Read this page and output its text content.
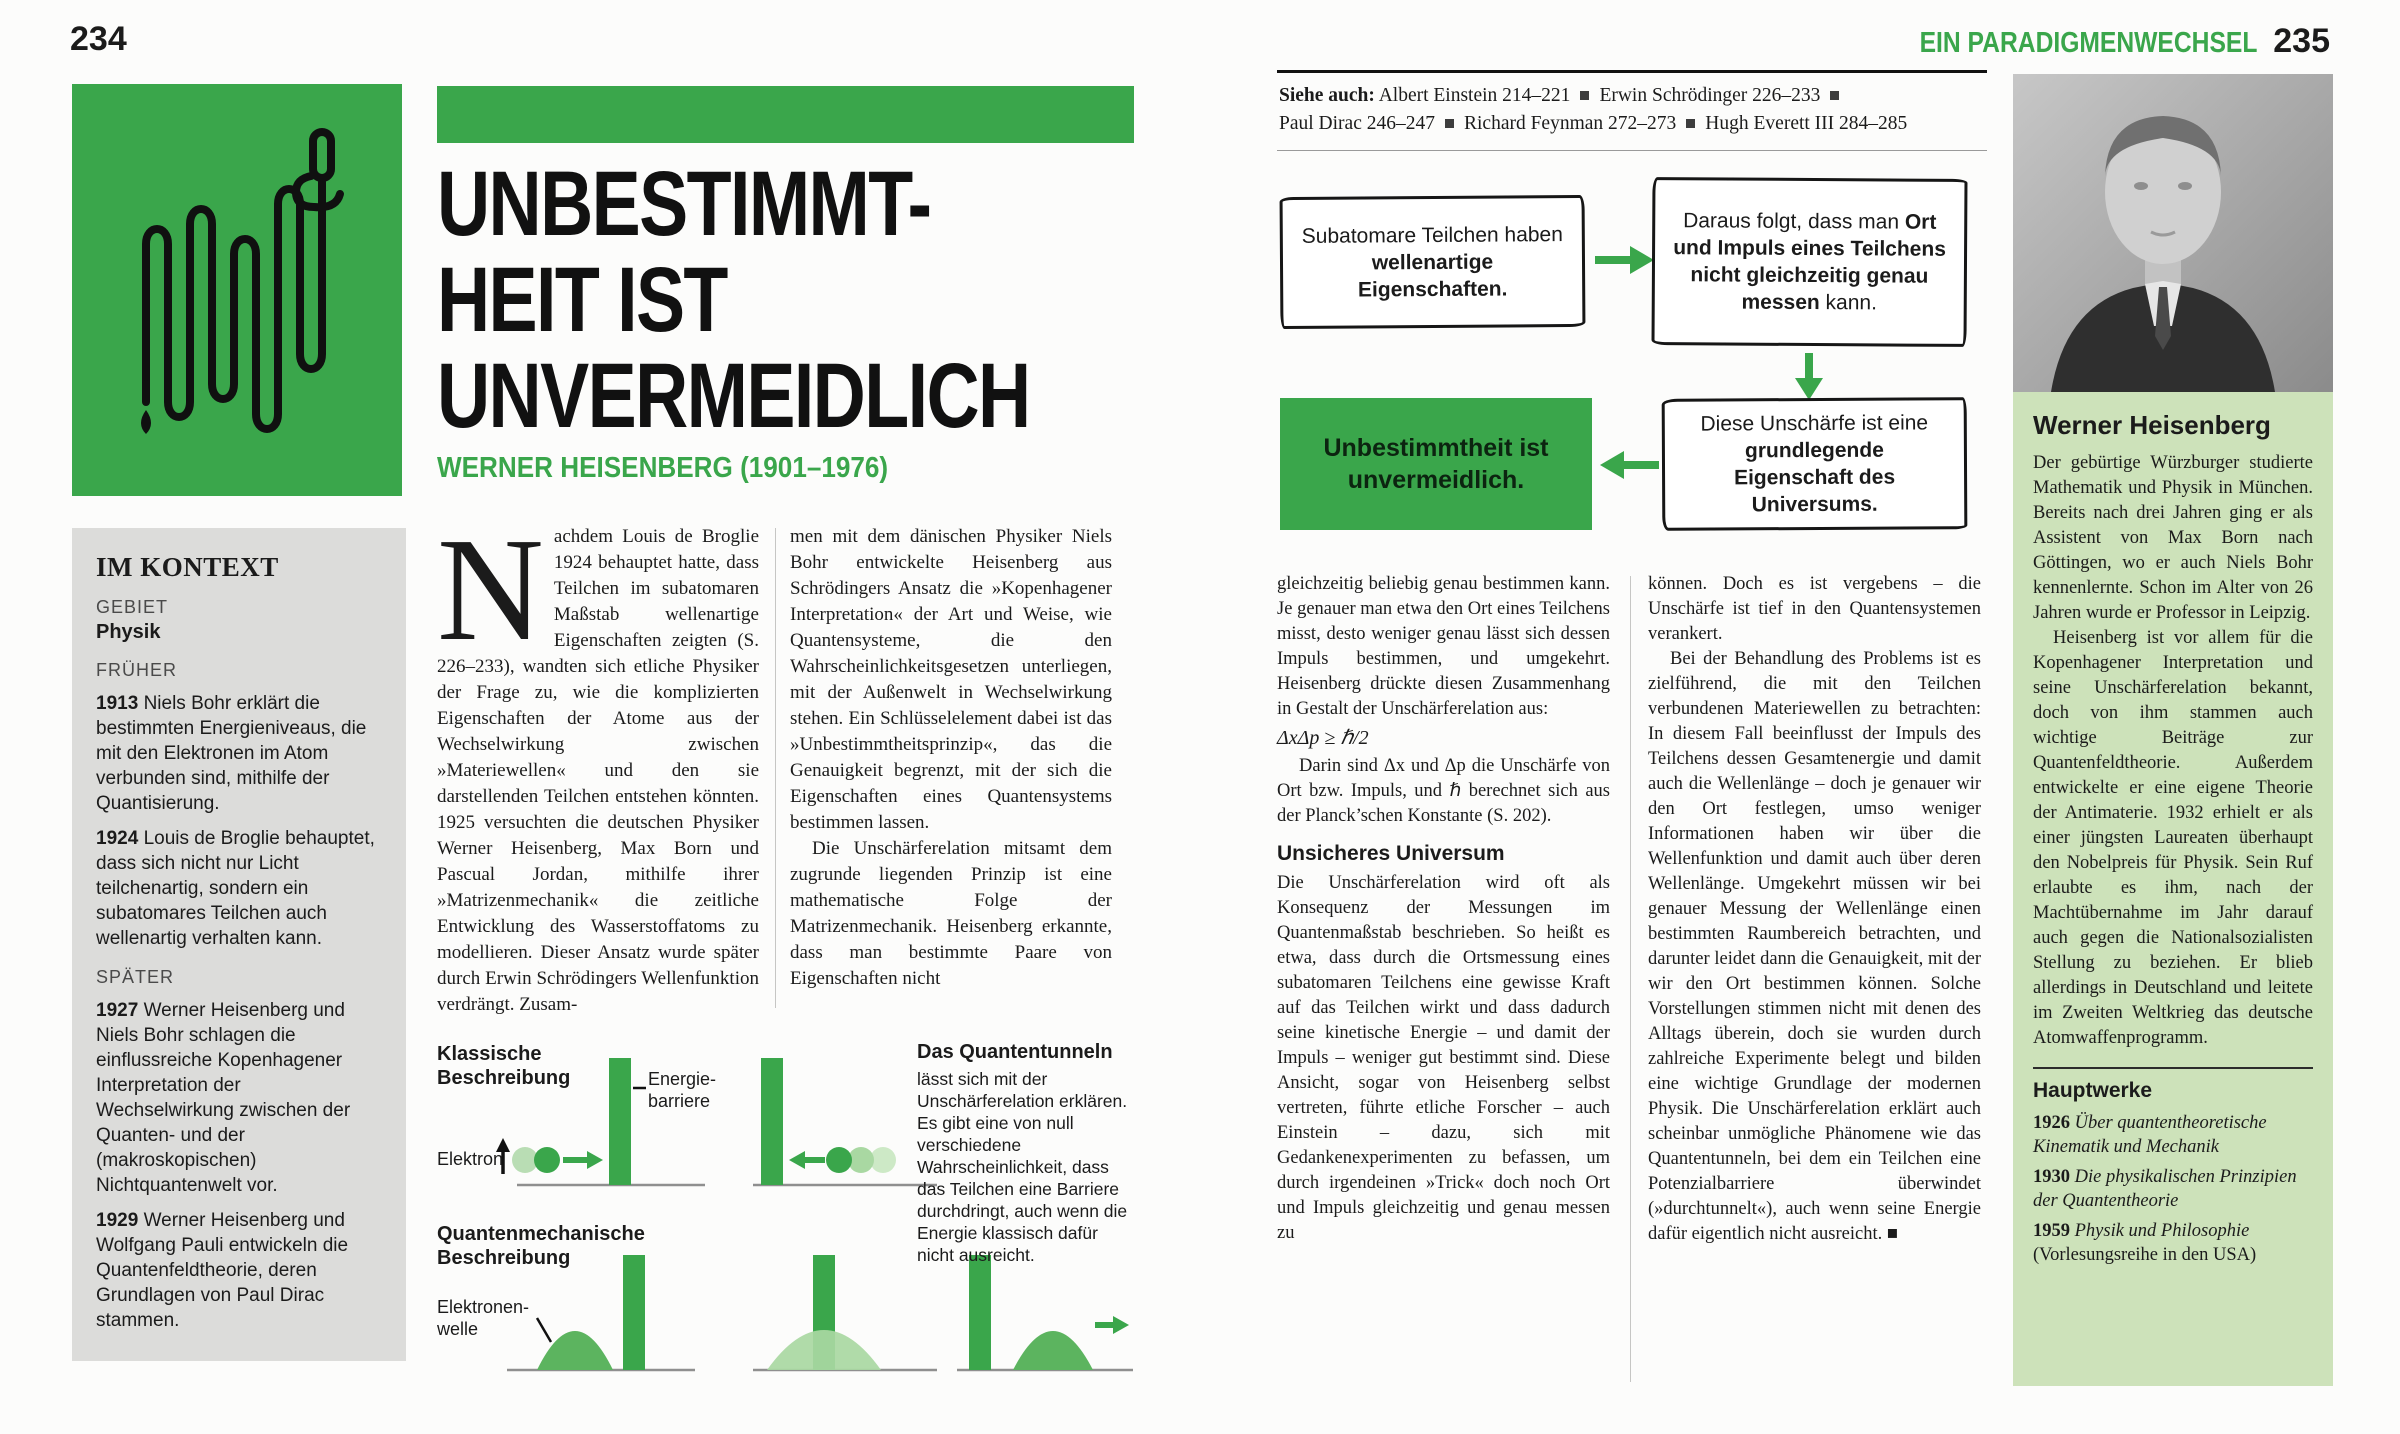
234
UNBESTIMMT-
HEIT IST
UNVERMEIDLICH
WERNER HEISENBERG (1901–1976)
IM KONTEXT
GEBIET
Physik
FRÜHER

1913 Niels Bohr erklärt die bestimmten Energieniveaus, die mit den Elektronen im Atom verbunden sind, mithilfe der Quantisierung.

1924 Louis de Broglie behauptet, dass sich nicht nur Licht teilchenartig, sondern ein subatomares Teilchen auch wellenartig verhalten kann.

SPÄTER

1927 Werner Heisenberg und Niels Bohr schlagen die einflussreiche Kopenhagener Interpretation der Wechselwirkung zwischen der Quanten- und der (makroskopischen) Nichtquantenwelt vor.

1929 Werner Heisenberg und Wolfgang Pauli entwickeln die Quantenfeldtheorie, deren Grundlagen von Paul Dirac stammen.

Nachdem Louis de Broglie 1924 behauptet hatte, dass Teilchen im subatomaren Maßstab wellenartige Eigenschaften zeigten (S. 226–233), wandten sich etliche Physiker der Frage zu, wie die komplizierten Eigenschaften der Atome aus der Wechselwirkung zwischen »Materiewellen« und den sie darstellenden Teilchen entstehen könnten. 1925 versuchten die deutschen Physiker Werner Heisenberg, Max Born und Pascual Jordan, mithilfe ihrer »Matrizenmechanik« die zeitliche Entwicklung des Wasserstoffatoms zu modellieren. Dieser Ansatz wurde später durch Erwin Schrödingers Wellenfunktion verdrängt. Zusam-

men mit dem dänischen Physiker Niels Bohr entwickelte Heisenberg aus Schrödingers Ansatz die »Kopenhagener Interpretation« der Art und Weise, wie Quantensysteme, die den Wahrscheinlichkeitsgesetzen unterliegen, mit der Außenwelt in Wechselwirkung stehen. Ein Schlüsselelement dabei ist das »Unbestimmtheitsprinzip«, das die Genauigkeit begrenzt, mit der sich die Eigenschaften eines Quantensystems bestimmen lassen.

Die Unschärferelation mitsamt dem zugrunde liegenden Prinzip ist eine mathematische Folge der Matrizenmechanik. Heisenberg erkannte, dass man bestimmte Paare von Eigenschaften nicht

Klassische Beschreibung	Energie-barriere
Elektron
Quantenmechanische Beschreibung
Elektronen-welle
Das Quantentunneln
lässt sich mit der Unschärferelation erklären. Es gibt eine von null verschiedene Wahrscheinlichkeit, dass das Teilchen eine Barriere durchdringt, auch wenn die Energie klassisch dafür nicht ausreicht.
EIN PARADIGMENWECHSEL 235
Siehe auch: Albert Einstein 214–221 Erwin Schrödinger 226–233Paul Dirac 246–247 Richard Feynman 272–273 Hugh Everett III 284–285

Subatomare Teilchen haben wellenartige Eigenschaften.

Daraus folgt, dass man Ort und Impuls eines Teilchens nicht gleichzeitig genau messen kann.

Diese Unschärfe ist eine grundlegende Eigenschaft des Universums.

Unbestimmtheit ist unvermeidlich.

gleichzeitig beliebig genau bestimmen kann. Je genauer man etwa den Ort eines Teilchens misst, desto weniger genau lässt sich dessen Impuls bestimmen, und umgekehrt. Heisenberg drückte diesen Zusammenhang in Gestalt der Unschärferelation aus:

ΔxΔp ≥ ℏ/2

Darin sind Δx und Δp die Unschärfe von Ort bzw. Impuls, und ℏ berechnet sich aus der Planck’schen Konstante (S. 202).

Unsicheres Universum

Die Unschärferelation wird oft als Konsequenz der Messungen im Quantenmaßstab beschrieben. So heißt es etwa, dass durch die Ortsmessung eines subatomaren Teilchens eine gewisse Kraft auf das Teilchen wirkt und dass dadurch seine kinetische Energie – und damit der Impuls – weniger gut bestimmt sind. Diese Ansicht, sogar von Heisenberg selbst vertreten, führte etliche Forscher – auch Einstein – dazu, sich mit Gedankenexperimenten zu befassen, um durch irgendeinen »Trick« doch noch Ort und Impuls gleichzeitig und genau messen zu

können. Doch es ist vergebens – die Unschärfe ist tief in den Quantensystemen verankert.

Bei der Behandlung des Problems ist es zielführend, die mit den Teilchen verbundenen Materiewellen zu betrachten: In diesem Fall beeinflusst der Impuls des Teilchens dessen Gesamtenergie und damit auch die Wellenlänge – doch je genauer wir den Ort festlegen, umso weniger Informationen haben wir über die Wellenfunktion und damit auch über deren Wellenlänge. Umgekehrt müssen wir bei genauer Messung der Wellenlänge einen bestimmten Raumbereich betrachten, und darunter leidet dann die Genauigkeit, mit der wir den Ort bestimmen können. Solche Vorstellungen stimmen nicht mit denen des Alltags überein, doch sie wurden durch zahlreiche Experimente belegt und bilden eine wichtige Grundlage der modernen Physik. Die Unschärferelation erklärt auch scheinbar unmögliche Phänomene wie das Quantentunneln, bei dem ein Teilchen eine Potenzialbarriere überwindet (»durchtunnelt«), auch wenn seine Energie dafür eigentlich nicht ausreicht. ■

Werner Heisenberg

Der gebürtige Würzburger studierte Mathematik und Physik in München. Bereits nach drei Jahren ging er als Assistent von Max Born nach Göttingen, wo er auch Niels Bohr kennenlernte. Schon im Alter von 26 Jahren wurde er Professor in Leipzig.

Heisenberg ist vor allem für die Kopenhagener Interpretation und seine Unschärferelation bekannt, doch von ihm stammen auch wichtige Beiträge zur Quantenfeldtheorie. Außerdem entwickelte er eine eigene Theorie der Antimaterie. 1932 erhielt er als einer jüngsten Laureaten überhaupt den Nobelpreis für Physik. Sein Ruf erlaubte es ihm, nach der Machtübernahme im Jahr darauf auch gegen die Nationalsozialisten Stellung zu beziehen. Er blieb allerdings in Deutschland und leitete im Zweiten Weltkrieg das deutsche Atomwaffenprogramm.

Hauptwerke
1926 Über quantentheoretische Kinematik und Mechanik
1930 Die physikalischen Prinzipien der Quantentheorie
1959 Physik und Philosophie (Vorlesungsreihe in den USA)
